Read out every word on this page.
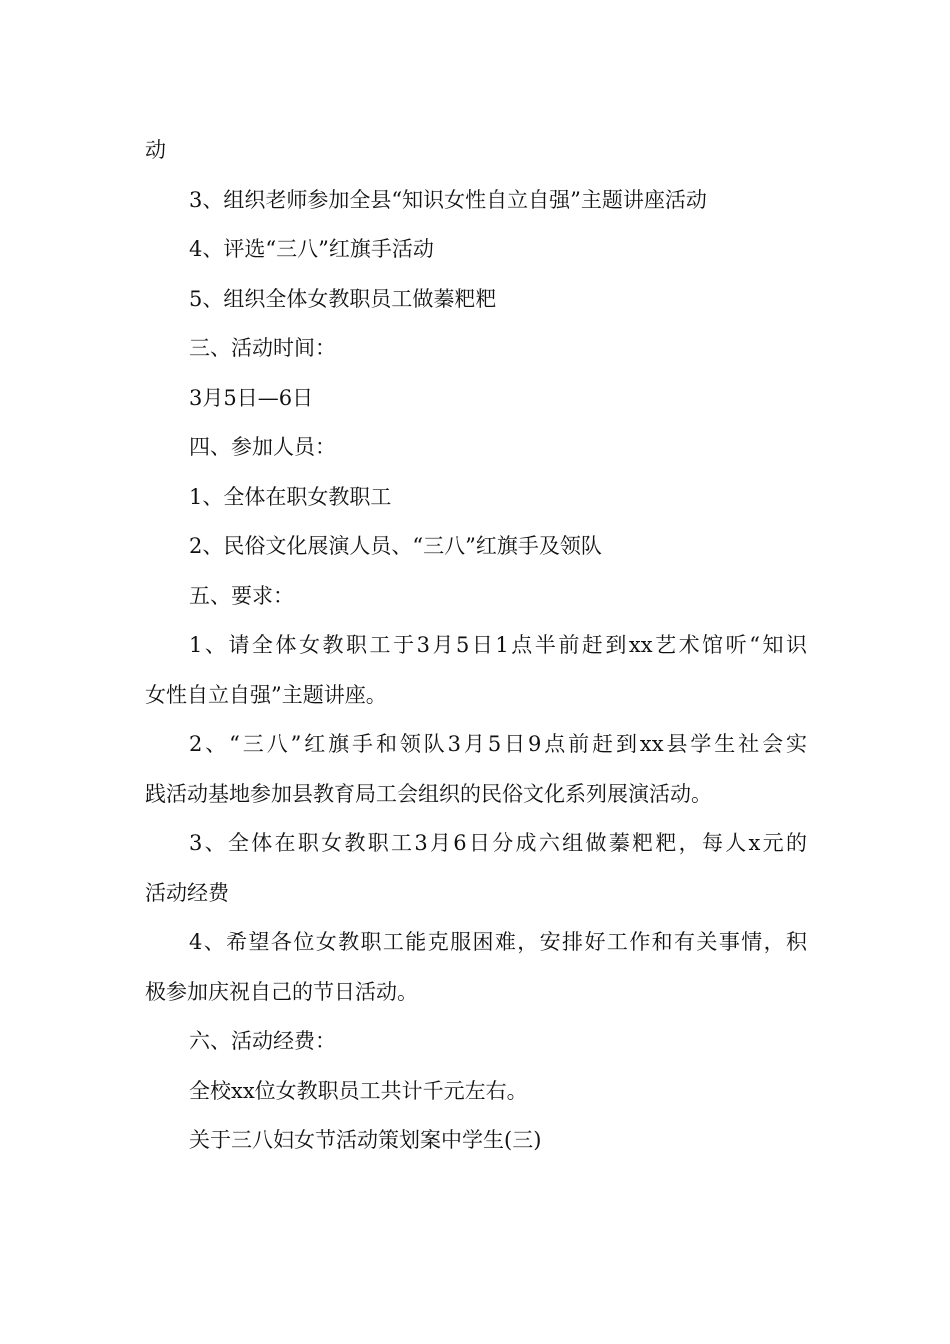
动
3、组织老师参加全县“知识女性自立自强”主题讲座活动
4、评选“三八”红旗手活动
5、组织全体女教职员工做蓁粑粑
三、活动时间：
3月5日—6日
四、参加人员：
1、全体在职女教职工
2、民俗文化展演人员、“三八”红旗手及领队
五、要求：
1、请全体女教职工于3月5日1点半前赶到xx艺术馆听“知识
女性自立自强”主题讲座。
2、“三八”红旗手和领队3月5日9点前赶到xx县学生社会实
践活动基地参加县教育局工会组织的民俗文化系列展演活动。
3、全体在职女教职工3月6日分成六组做蓁粑粑，每人x元的
活动经费
4、希望各位女教职工能克服困难，安排好工作和有关事情，积
极参加庆祝自己的节日活动。
六、活动经费：
全校xx位女教职员工共计千元左右。
关于三八妇女节活动策划案中学生(三)
